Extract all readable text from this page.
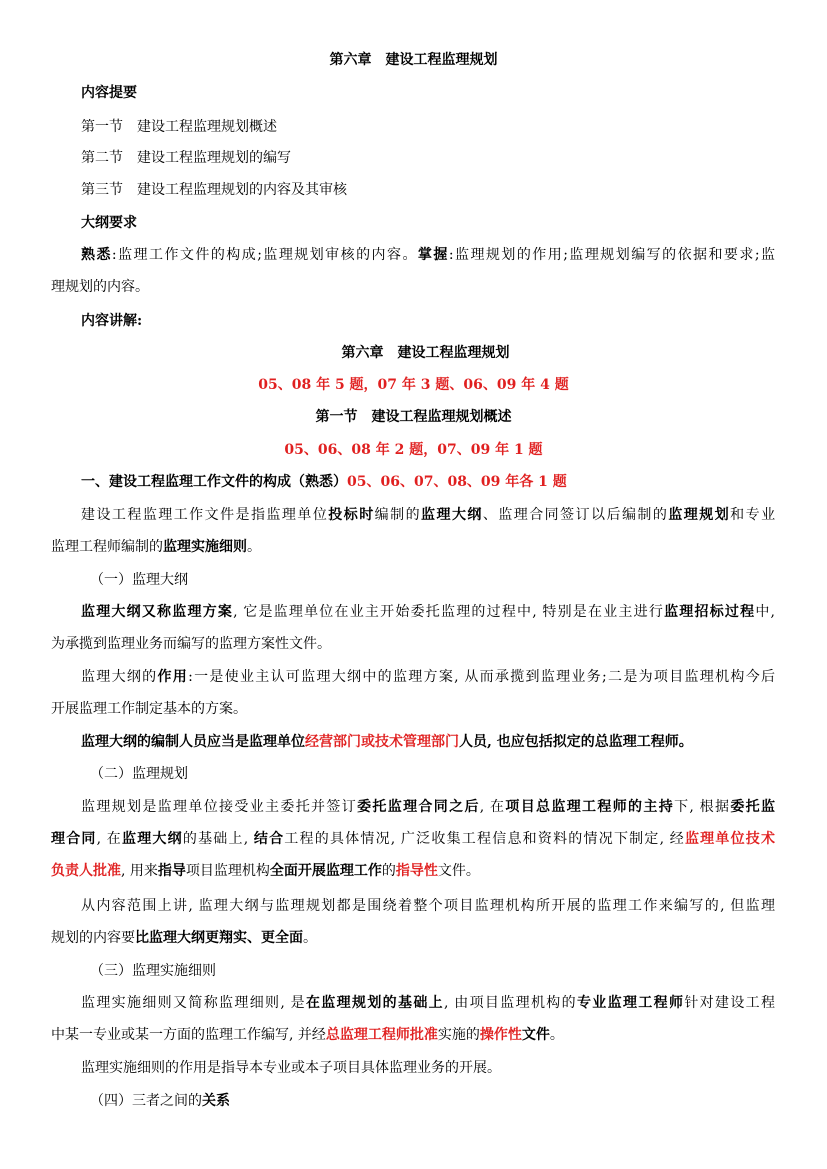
第六章　建设工程监理规划
内容提要
第一节　建设工程监理规划概述
第二节　建设工程监理规划的编写
第三节　建设工程监理规划的内容及其审核
大纲要求
熟悉:监理工作文件的构成;监理规划审核的内容。掌握:监理规划的作用;监理规划编写的依据和要求;监
理规划的内容。
内容讲解:
第六章　建设工程监理规划
05、08 年 5 题，07 年 3 题、06、09 年 4 题
第一节　建设工程监理规划概述
05、06、08 年 2 题，07、09 年 1 题
一、建设工程监理工作文件的构成（熟悉）05、06、07、08、09 年各 1 题
建设工程监理工作文件是指监理单位投标时编制的监理大纲、监理合同签订以后编制的监理规划和专业
监理工程师编制的监理实施细则。
（一）监理大纲
监理大纲又称监理方案, 它是监理单位在业主开始委托监理的过程中, 特别是在业主进行监理招标过程中,
为承揽到监理业务而编写的监理方案性文件。
监理大纲的作用:一是使业主认可监理大纲中的监理方案, 从而承揽到监理业务;二是为项目监理机构今后
开展监理工作制定基本的方案。
监理大纲的编制人员应当是监理单位经营部门或技术管理部门人员, 也应包括拟定的总监理工程师。
（二）监理规划
监理规划是监理单位接受业主委托并签订委托监理合同之后, 在项目总监理工程师的主持下, 根据委托监
理合同, 在监理大纲的基础上, 结合工程的具体情况, 广泛收集工程信息和资料的情况下制定, 经监理单位技术
负责人批准, 用来指导项目监理机构全面开展监理工作的指导性文件。
从内容范围上讲, 监理大纲与监理规划都是围绕着整个项目监理机构所开展的监理工作来编写的, 但监理
规划的内容要比监理大纲更翔实、更全面。
（三）监理实施细则
监理实施细则又简称监理细则, 是在监理规划的基础上, 由项目监理机构的专业监理工程师针对建设工程
中某一专业或某一方面的监理工作编写, 并经总监理工程师批准实施的操作性文件。
监理实施细则的作用是指导本专业或本子项目具体监理业务的开展。
（四）三者之间的关系
